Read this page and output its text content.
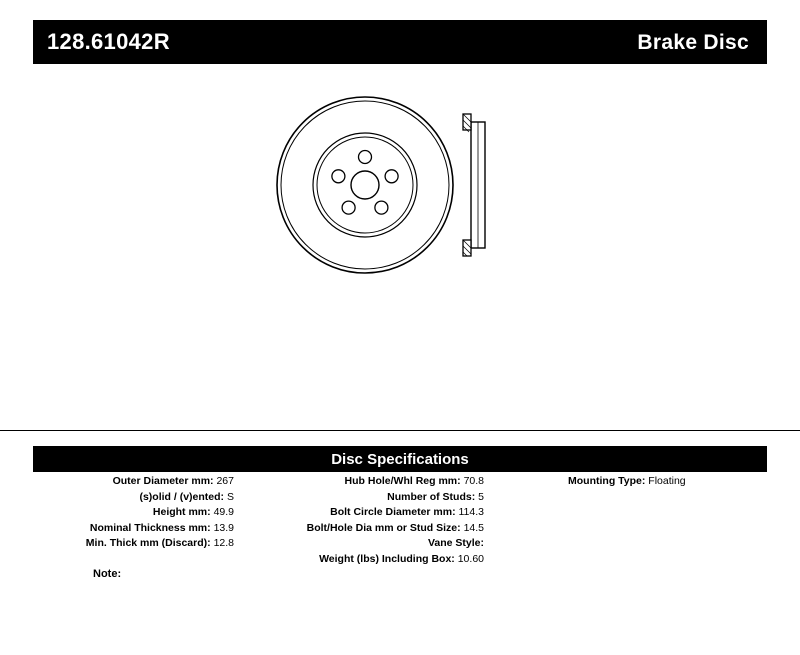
128.61042R	Brake Disc
Disc Specifications
Outer Diameter mm: 267
(s)olid / (v)ented: S
Height mm: 49.9
Nominal Thickness mm: 13.9
Min. Thick mm (Discard): 12.8
Hub Hole/Whl Reg mm: 70.8
Number of Studs: 5
Bolt Circle Diameter mm: 114.3
Bolt/Hole Dia mm or Stud Size: 14.5
Vane Style:
Weight (lbs) Including Box: 10.60
Mounting Type: Floating
Note:
